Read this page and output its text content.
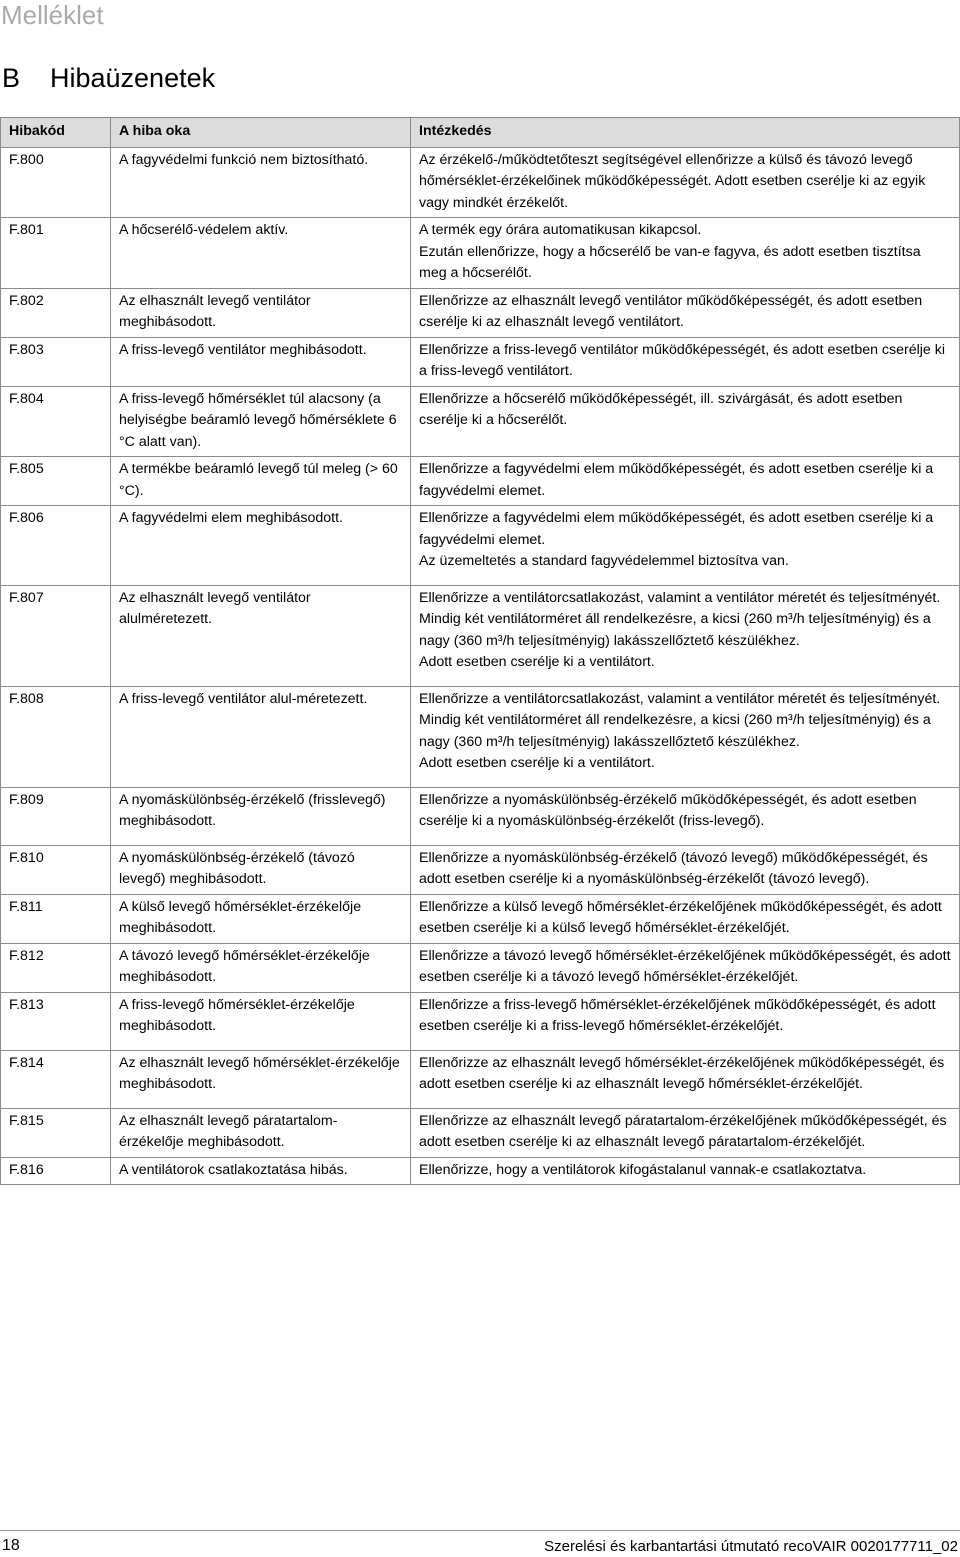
Melléklet
B Hibaüzenetek
Hibakód	A hiba oka	Intézkedés
F.800	A fagyvédelmi funkció nem biztosítható.	Az érzékelő-/működtetőteszt segítségével ellenőrizze a külső és távozó levegő hőmérséklet-érzékelőinek működőképességét. Adott esetben cserélje ki az egyik vagy mindkét érzékelőt.

F.801	A hőcserélő-védelem aktív.	A termék egy órára automatikusan kikapcsol.
Ezután ellenőrizze, hogy a hőcserélő be van-e fagyva, és adott esetben tisztítsa meg a hőcserélőt.

F.802	Az elhasznált levegő ventilátor meghibásodott.	Ellenőrizze az elhasznált levegő ventilátor működőképességét, és adott esetben cserélje ki az elhasznált levegő ventilátort.

F.803	A friss-levegő ventilátor meghibásodott.	Ellenőrizze a friss-levegő ventilátor működőképességét, és adott esetben cserélje ki a friss-levegő ventilátort.

F.804	A friss-levegő hőmérséklet túl alacsony (a helyiségbe beáramló levegő hőmérséklete 6 °C alatt van).	Ellenőrizze a hőcserélő működőképességét, ill. szivárgását, és adott esetben cserélje ki a hőcserélőt.

F.805	A termékbe beáramló levegő túl meleg (> 60 °C).	Ellenőrizze a fagyvédelmi elem működőképességét, és adott esetben cserélje ki a fagyvédelmi elemet.

F.806	A fagyvédelmi elem meghibásodott.	Ellenőrizze a fagyvédelmi elem működőképességét, és adott esetben cserélje ki a fagyvédelmi elemet.
Az üzemeltetés a standard fagyvédelemmel biztosítva van.

F.807	Az elhasznált levegő ventilátor alulméretezett.	Ellenőrizze a ventilátorcsatlakozást, valamint a ventilátor méretét és teljesítményét. Mindig két ventilátorméret áll rendelkezésre, a kicsi (260 m³/h teljesítményig) és a nagy (360 m³/h teljesítményig) lakásszellőztető készülékhez.
Adott esetben cserélje ki a ventilátort.

F.808	A friss-levegő ventilátor alul-méretezett.	Ellenőrizze a ventilátorcsatlakozást, valamint a ventilátor méretét és teljesítményét. Mindig két ventilátorméret áll rendelkezésre, a kicsi (260 m³/h teljesítményig) és a nagy (360 m³/h teljesítményig) lakásszellőztető készülékhez.
Adott esetben cserélje ki a ventilátort.

F.809	A nyomáskülönbség-érzékelő (frisslevegő) meghibásodott.	Ellenőrizze a nyomáskülönbség-érzékelő működőképességét, és adott esetben cserélje ki a nyomáskülönbség-érzékelőt (friss-levegő).

F.810	A nyomáskülönbség-érzékelő (távozó levegő) meghibásodott.	Ellenőrizze a nyomáskülönbség-érzékelő (távozó levegő) működőképességét, és adott esetben cserélje ki a nyomáskülönbség-érzékelőt (távozó levegő).

F.811	A külső levegő hőmérséklet-érzékelője meghibásodott.	Ellenőrizze a külső levegő hőmérséklet-érzékelőjének működőképességét, és adott esetben cserélje ki a külső levegő hőmérséklet-érzékelőjét.

F.812	A távozó levegő hőmérséklet-érzékelője meghibásodott.	Ellenőrizze a távozó levegő hőmérséklet-érzékelőjének működőképességét, és adott esetben cserélje ki a távozó levegő hőmérséklet-érzékelőjét.

F.813	A friss-levegő hőmérséklet-érzékelője meghibásodott.	Ellenőrizze a friss-levegő hőmérséklet-érzékelőjének működőképességét, és adott esetben cserélje ki a friss-levegő hőmérséklet-érzékelőjét.

F.814	Az elhasznált levegő hőmérséklet-érzékelője meghibásodott.	Ellenőrizze az elhasznált levegő hőmérséklet-érzékelőjének működőképességét, és adott esetben cserélje ki az elhasznált levegő hőmérséklet-érzékelőjét.

F.815	Az elhasznált levegő páratartalom-érzékelője meghibásodott.	Ellenőrizze az elhasznált levegő páratartalom-érzékelőjének működőképességét, és adott esetben cserélje ki az elhasznált levegő páratartalom-érzékelőjét.

F.816	A ventilátorok csatlakoztatása hibás.	Ellenőrizze, hogy a ventilátorok kifogástalanul vannak-e csatlakoztatva.
18	Szerelési és karbantartási útmutató recoVAIR 0020177711_02
